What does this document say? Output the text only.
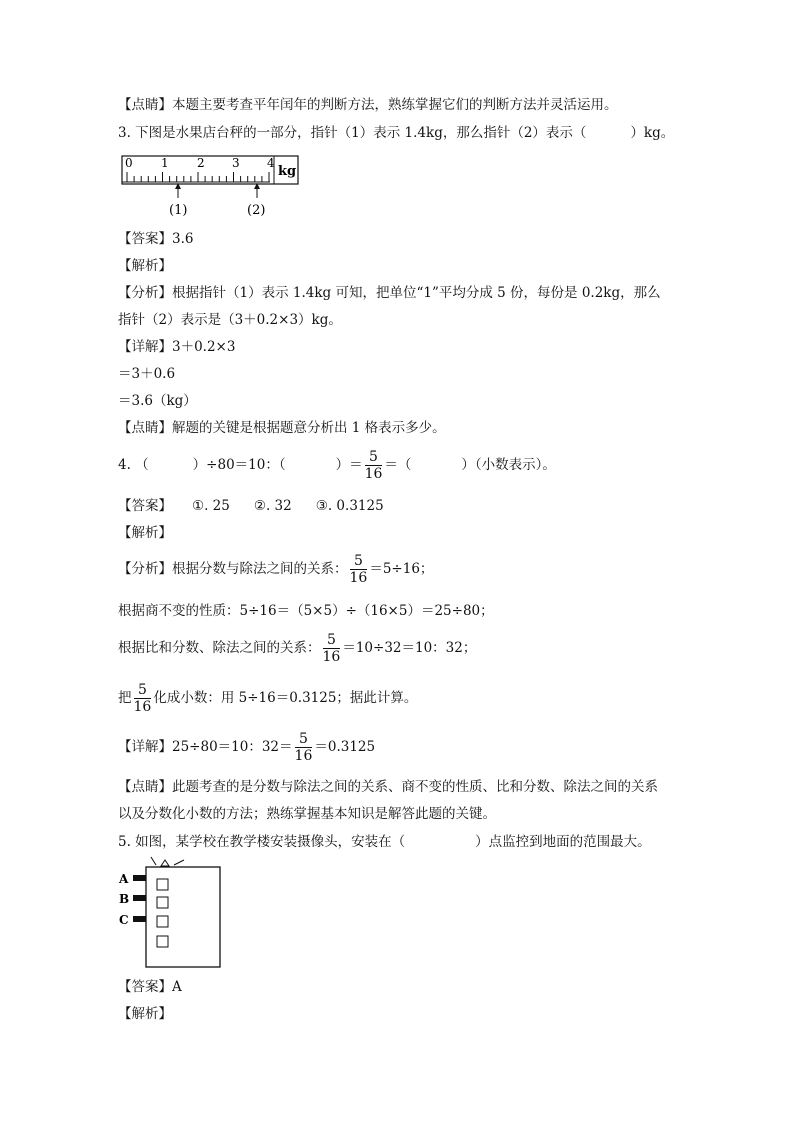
【点睛】本题主要考查平年闰年的判断方法，熟练掌握它们的判断方法并灵活运用。
3. 下图是水果店台秤的一部分，指针（1）表示 1.4kg，那么指针（2）表示（	）kg。
0 1 2 3 4
kg
(1)	(2)
【答案】3.6
【解析】
【分析】根据指针（1）表示 1.4kg 可知，把单位“1”平均分成 5 份，每份是 0.2kg，那么
指针（2）表示是（3＋0.2×3）kg。
【详解】3＋0.2×3
＝3＋0.6
＝3.6（kg）
【点睛】解题的关键是根据题意分析出 1 格表示多少。
4. （	）÷80＝10：（	）＝ $\frac{5}{16}$ ＝（	）（小数表示）。
【答案】 ①. 25 ②. 32 ③. 0.3125
【解析】
【分析】根据分数与除法之间的关系： $\frac{5}{16} =5\div 16$；
根据商不变的性质：5÷16＝（5×5）÷（16×5）＝25÷80；
根据比和分数、除法之间的关系： $\frac{5}{16} =10\div 32=10$：32；
把 $\frac{5}{16}$ 化成小数：用 5÷16＝0.3125；据此计算。
【详解】25÷80＝10：$32= \frac{5}{16} =0.3125$
【点睛】此题考查的是分数与除法之间的关系、商不变的性质、比和分数、除法之间的关系
以及分数化小数的方法；熟练掌握基本知识是解答此题的关键。
5. 如图，某学校在教学楼安装摄像头，安装在（	）点监控到地面的范围最大。
A
B
C
【答案】A
【解析】
